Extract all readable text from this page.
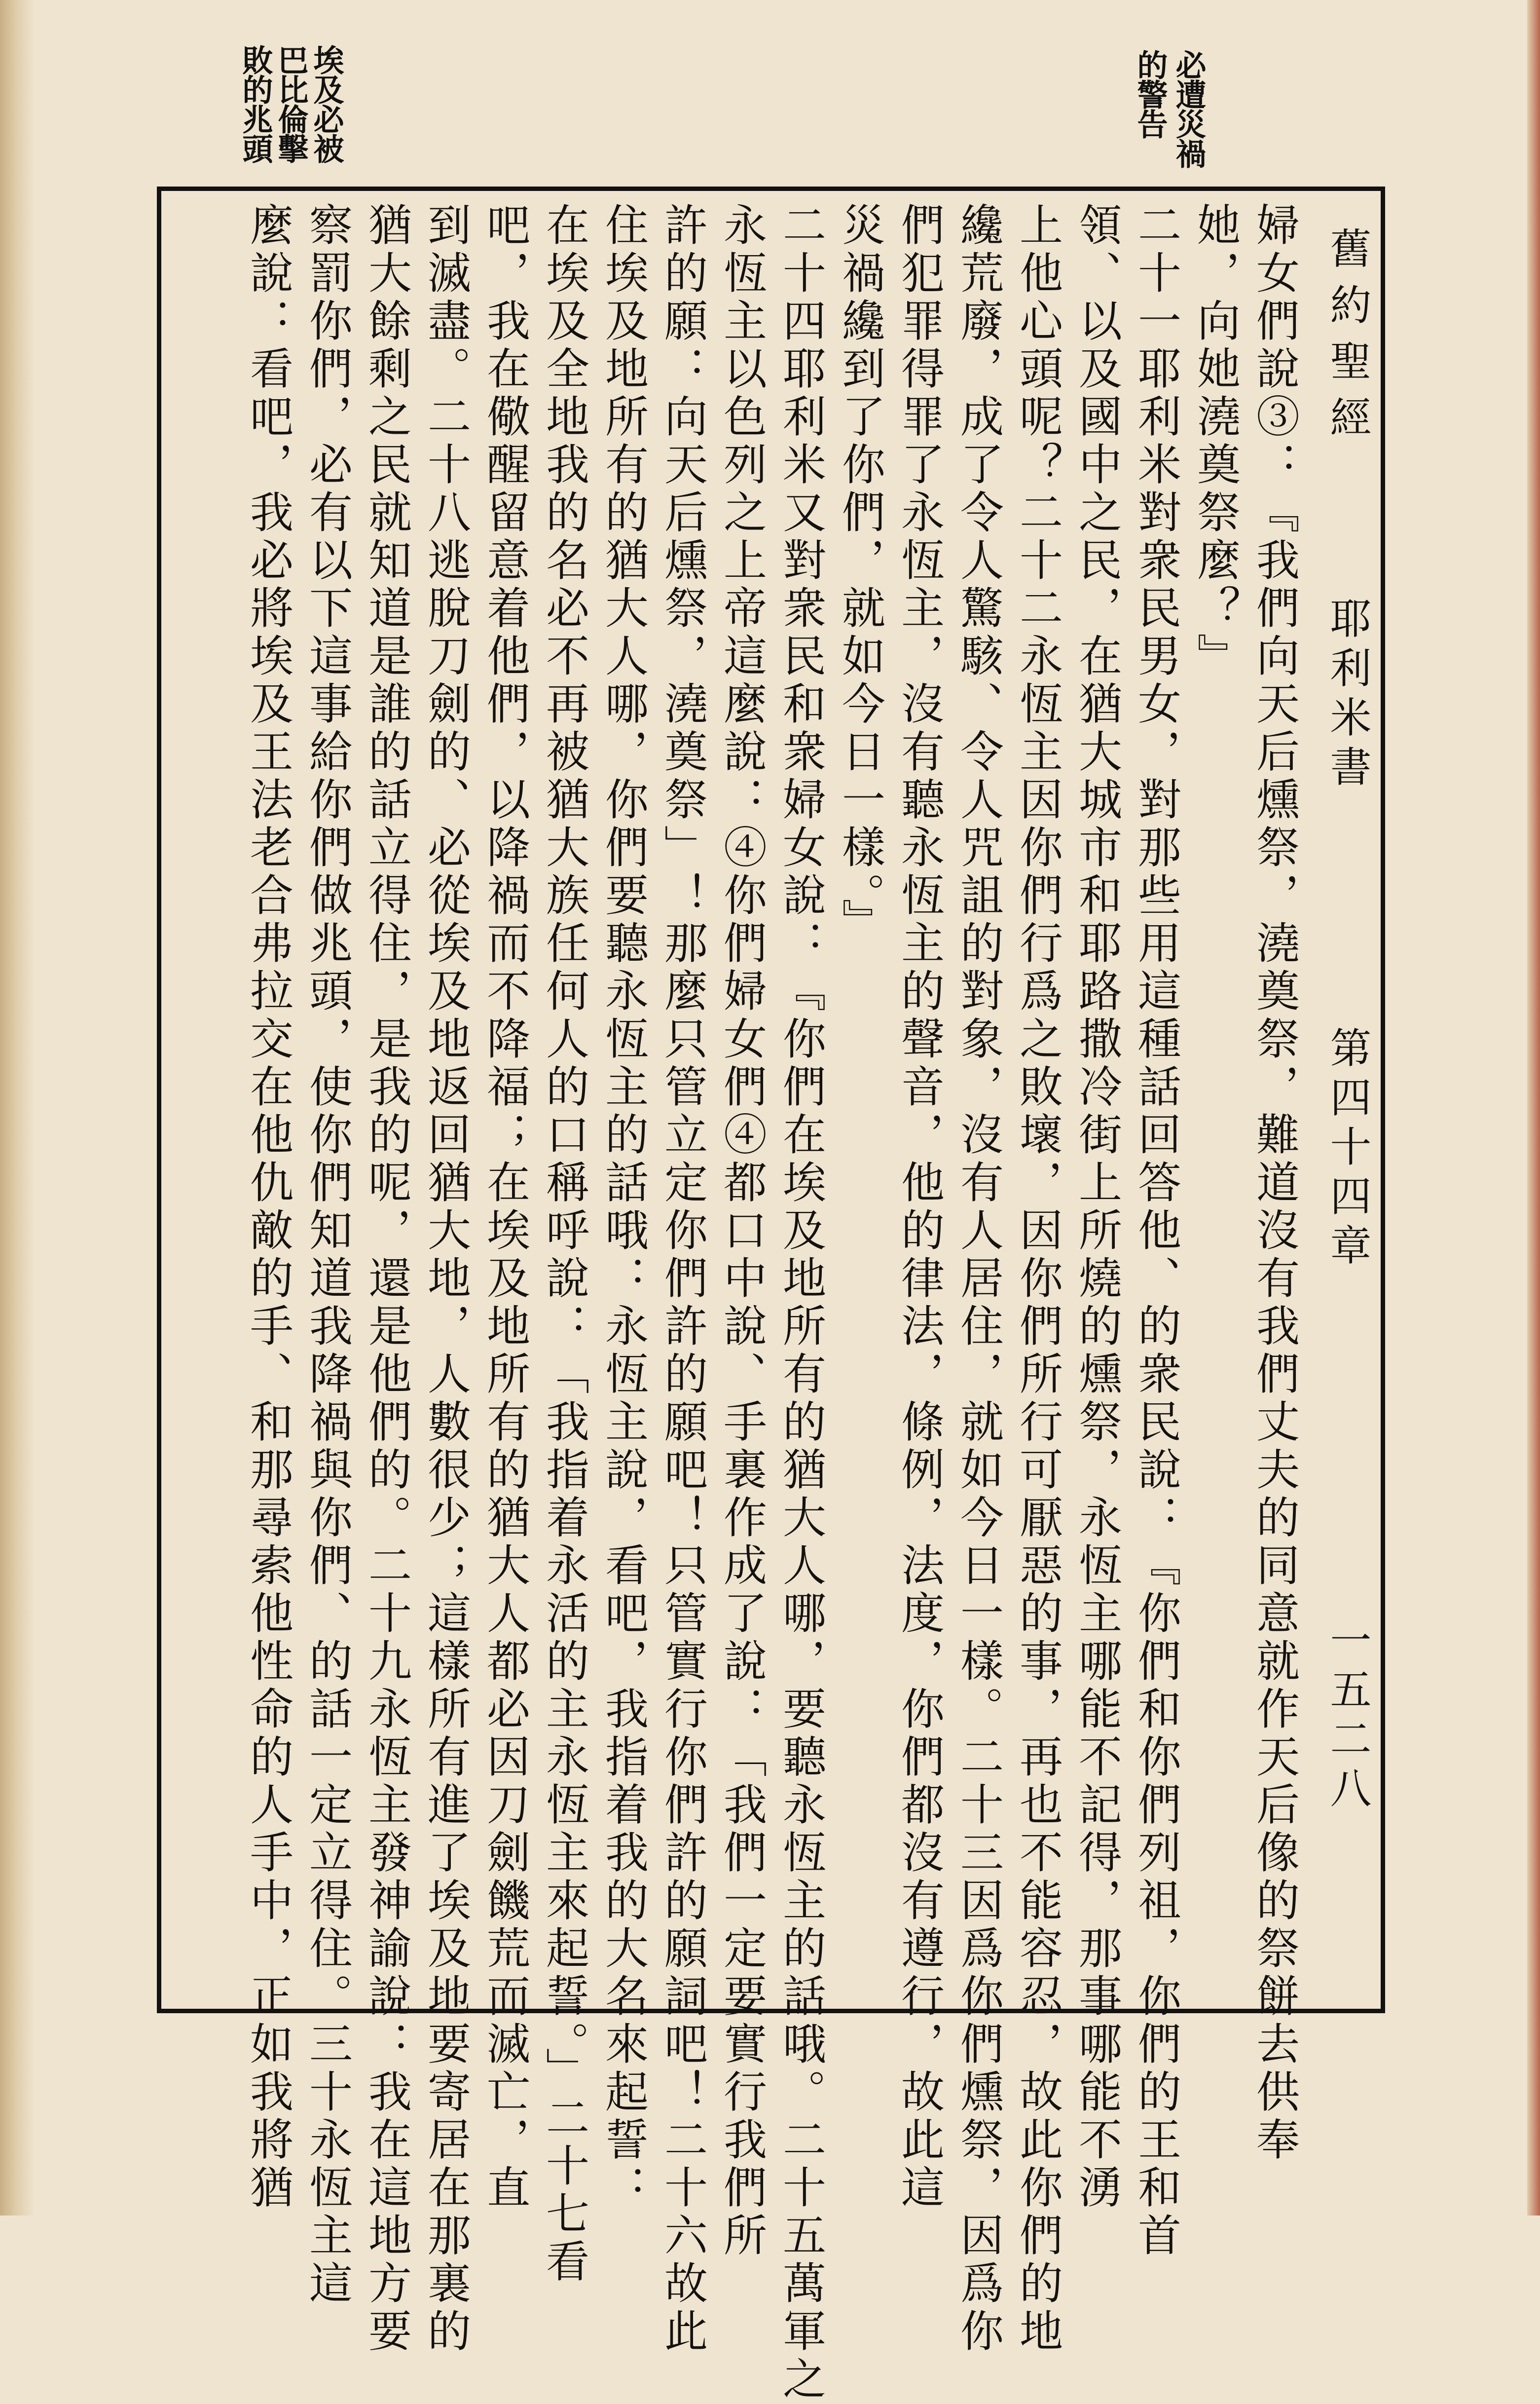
必遭災禍
的警告
埃及必被
巴比倫擊
敗的兆頭
舊約聖經
耶利米書
第四十四章
一五二八
婦女們說③：『我們向天后燻祭，澆奠祭，難道沒有我們丈夫的同意就作天后像的祭餅去供奉
她，向她澆奠祭麼？』
二十一耶利米對衆民男女，對那些用這種話回答他、的衆民說：『你們和你們列祖，你們的王和首
領、以及國中之民，在猶大城市和耶路撒冷街上所燒的燻祭，永恆主哪能不記得，那事哪能不湧
上他心頭呢？二十二永恆主因你們行爲之敗壞，因你們所行可厭惡的事，再也不能容忍，故此你們的地
纔荒廢，成了令人驚駭、令人咒詛的對象，沒有人居住，就如今日一樣。二十三因爲你們燻祭，因爲你
們犯罪得罪了永恆主，沒有聽永恆主的聲音，他的律法，條例，法度，你們都沒有遵行，故此這
災禍纔到了你們，就如今日一樣。』
二十四耶利米又對衆民和衆婦女說：『你們在埃及地所有的猶大人哪，要聽永恆主的話哦。二十五萬軍之
永恆主以色列之上帝這麼說：④你們婦女們④都口中說、手裏作成了說：「我們一定要實行我們所
許的願：向天后燻祭，澆奠祭」！那麼只管立定你們許的願吧！只管實行你們許的願詞吧！二十六故此
住埃及地所有的猶大人哪，你們要聽永恆主的話哦：永恆主說，看吧，我指着我的大名來起誓：
在埃及全地我的名必不再被猶大族任何人的口稱呼說：「我指着永活的主永恆主來起誓。」二十七看
吧，我在儆醒留意着他們，以降禍而不降福；在埃及地所有的猶大人都必因刀劍饑荒而滅亡，直
到滅盡。二十八逃脫刀劍的、必從埃及地返回猶大地，人數很少；這樣所有進了埃及地要寄居在那裏的
猶大餘剩之民就知道是誰的話立得住，是我的呢，還是他們的。二十九永恆主發神諭說：我在這地方要
察罰你們，必有以下這事給你們做兆頭，使你們知道我降禍與你們、的話一定立得住。三十永恆主這
麼說：看吧，我必將埃及王法老合弗拉交在他仇敵的手、和那尋索他性命的人手中，正如我將猶
